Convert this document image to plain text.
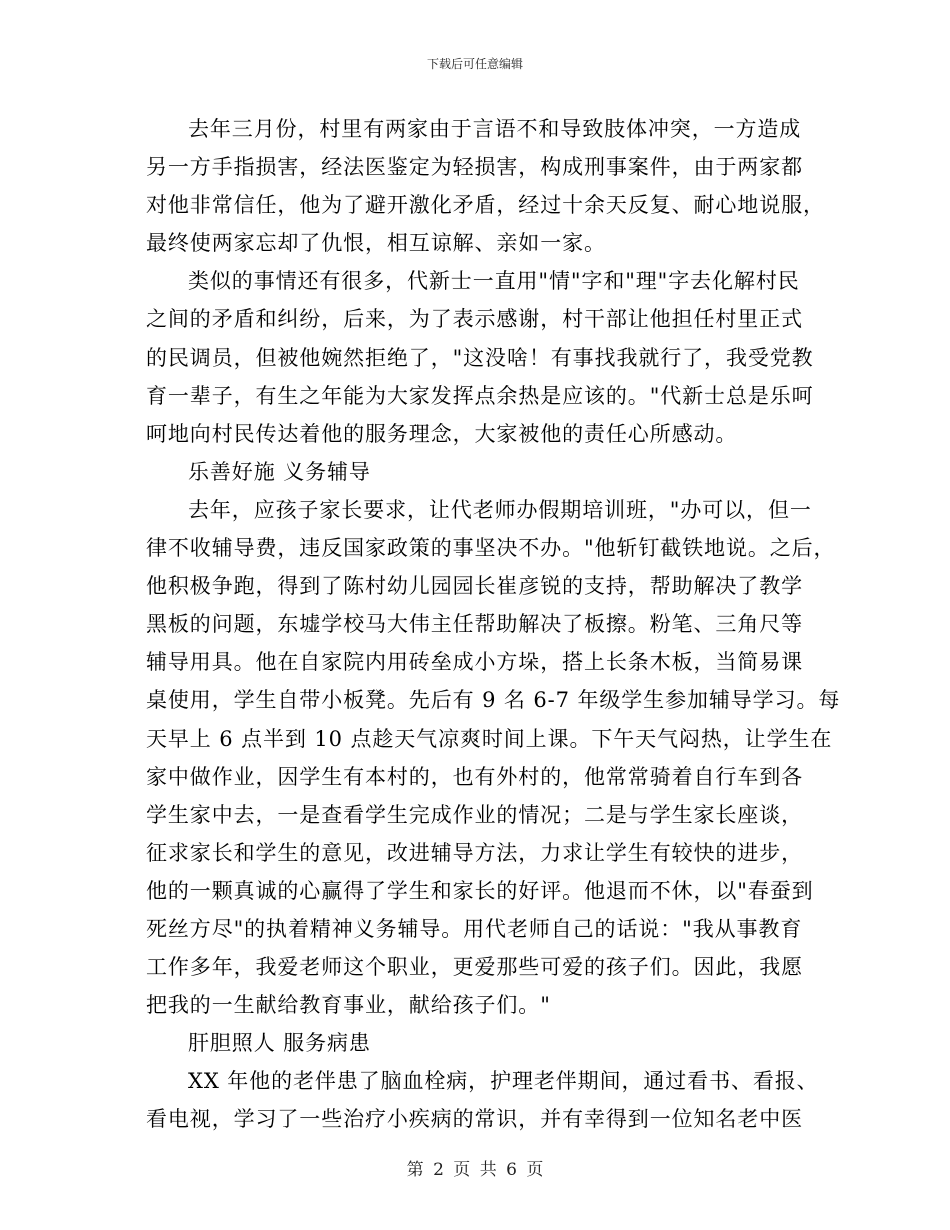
下载后可任意编辑
去年三月份，村里有两家由于言语不和导致肢体冲突，一方造成
另一方手指损害，经法医鉴定为轻损害，构成刑事案件，由于两家都
对他非常信任，他为了避开激化矛盾，经过十余天反复、耐心地说服，
最终使两家忘却了仇恨，相互谅解、亲如一家。
类似的事情还有很多，代新士一直用"情"字和"理"字去化解村民
之间的矛盾和纠纷，后来，为了表示感谢，村干部让他担任村里正式
的民调员，但被他婉然拒绝了，"这没啥！有事找我就行了，我受党教
育一辈子，有生之年能为大家发挥点余热是应该的。"代新士总是乐呵
呵地向村民传达着他的服务理念，大家被他的责任心所感动。
乐善好施 义务辅导
去年，应孩子家长要求，让代老师办假期培训班，"办可以，但一
律不收辅导费，违反国家政策的事坚决不办。"他斩钉截铁地说。之后，
他积极争跑，得到了陈村幼儿园园长崔彦锐的支持，帮助解决了教学
黑板的问题，东墟学校马大伟主任帮助解决了板擦。粉笔、三角尺等
辅导用具。他在自家院内用砖垒成小方垛，搭上长条木板，当简易课
桌使用，学生自带小板凳。先后有 9 名 6-7 年级学生参加辅导学习。每
天早上 6 点半到 10 点趁天气凉爽时间上课。下午天气闷热，让学生在
家中做作业，因学生有本村的，也有外村的，他常常骑着自行车到各
学生家中去，一是查看学生完成作业的情况；二是与学生家长座谈，
征求家长和学生的意见，改进辅导方法，力求让学生有较快的进步，
他的一颗真诚的心赢得了学生和家长的好评。他退而不休，以"春蚕到
死丝方尽"的执着精神义务辅导。用代老师自己的话说："我从事教育
工作多年，我爱老师这个职业，更爱那些可爱的孩子们。因此，我愿
把我的一生献给教育事业，献给孩子们。"
肝胆照人 服务病患
XX 年他的老伴患了脑血栓病，护理老伴期间，通过看书、看报、
看电视，学习了一些治疗小疾病的常识，并有幸得到一位知名老中医
第 2 页 共 6 页
